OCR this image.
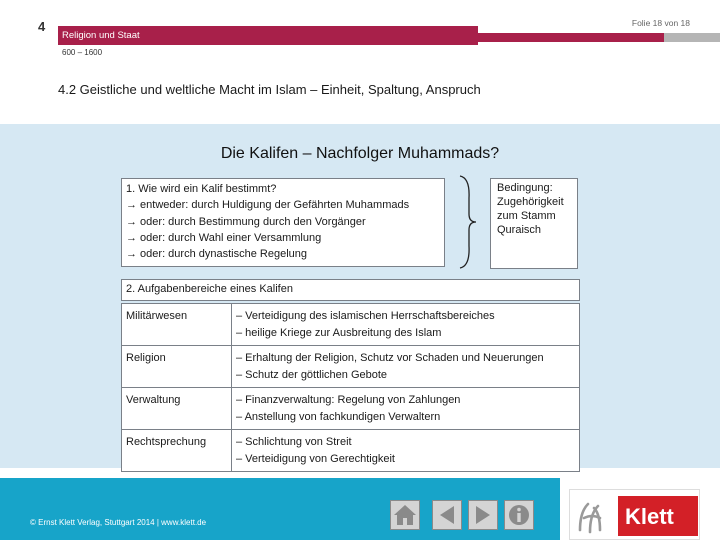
4	Folie 18 von 18
Religion und Staat
600 – 1600
4.2 Geistliche und weltliche Macht im Islam – Einheit, Spaltung, Anspruch
Die Kalifen – Nachfolger Muhammads?
1. Wie wird ein Kalif bestimmt?
→ entweder: durch Huldigung der Gefährten Muhammads
→ oder: durch Bestimmung durch den Vorgänger
→ oder: durch Wahl einer Versammlung
→ oder: durch dynastische Regelung
Bedingung:
Zugehörigkeit
zum Stamm
Quraisch
2. Aufgabenbereiche eines Kalifen
Militärwesen	– Verteidigung des islamischen Herrschaftsbereiches
– heilige Kriege zur Ausbreitung des Islam

Religion	– Erhaltung der Religion, Schutz vor Schaden und Neuerungen
– Schutz der göttlichen Gebote

Verwaltung	– Finanzverwaltung: Regelung von Zahlungen
– Anstellung von fachkundigen Verwaltern

Rechtsprechung	– Schlichtung von Streit
– Verteidigung von Gerechtigkeit
© Ernst Klett Verlag, Stuttgart 2014 | www.klett.de	Klett
